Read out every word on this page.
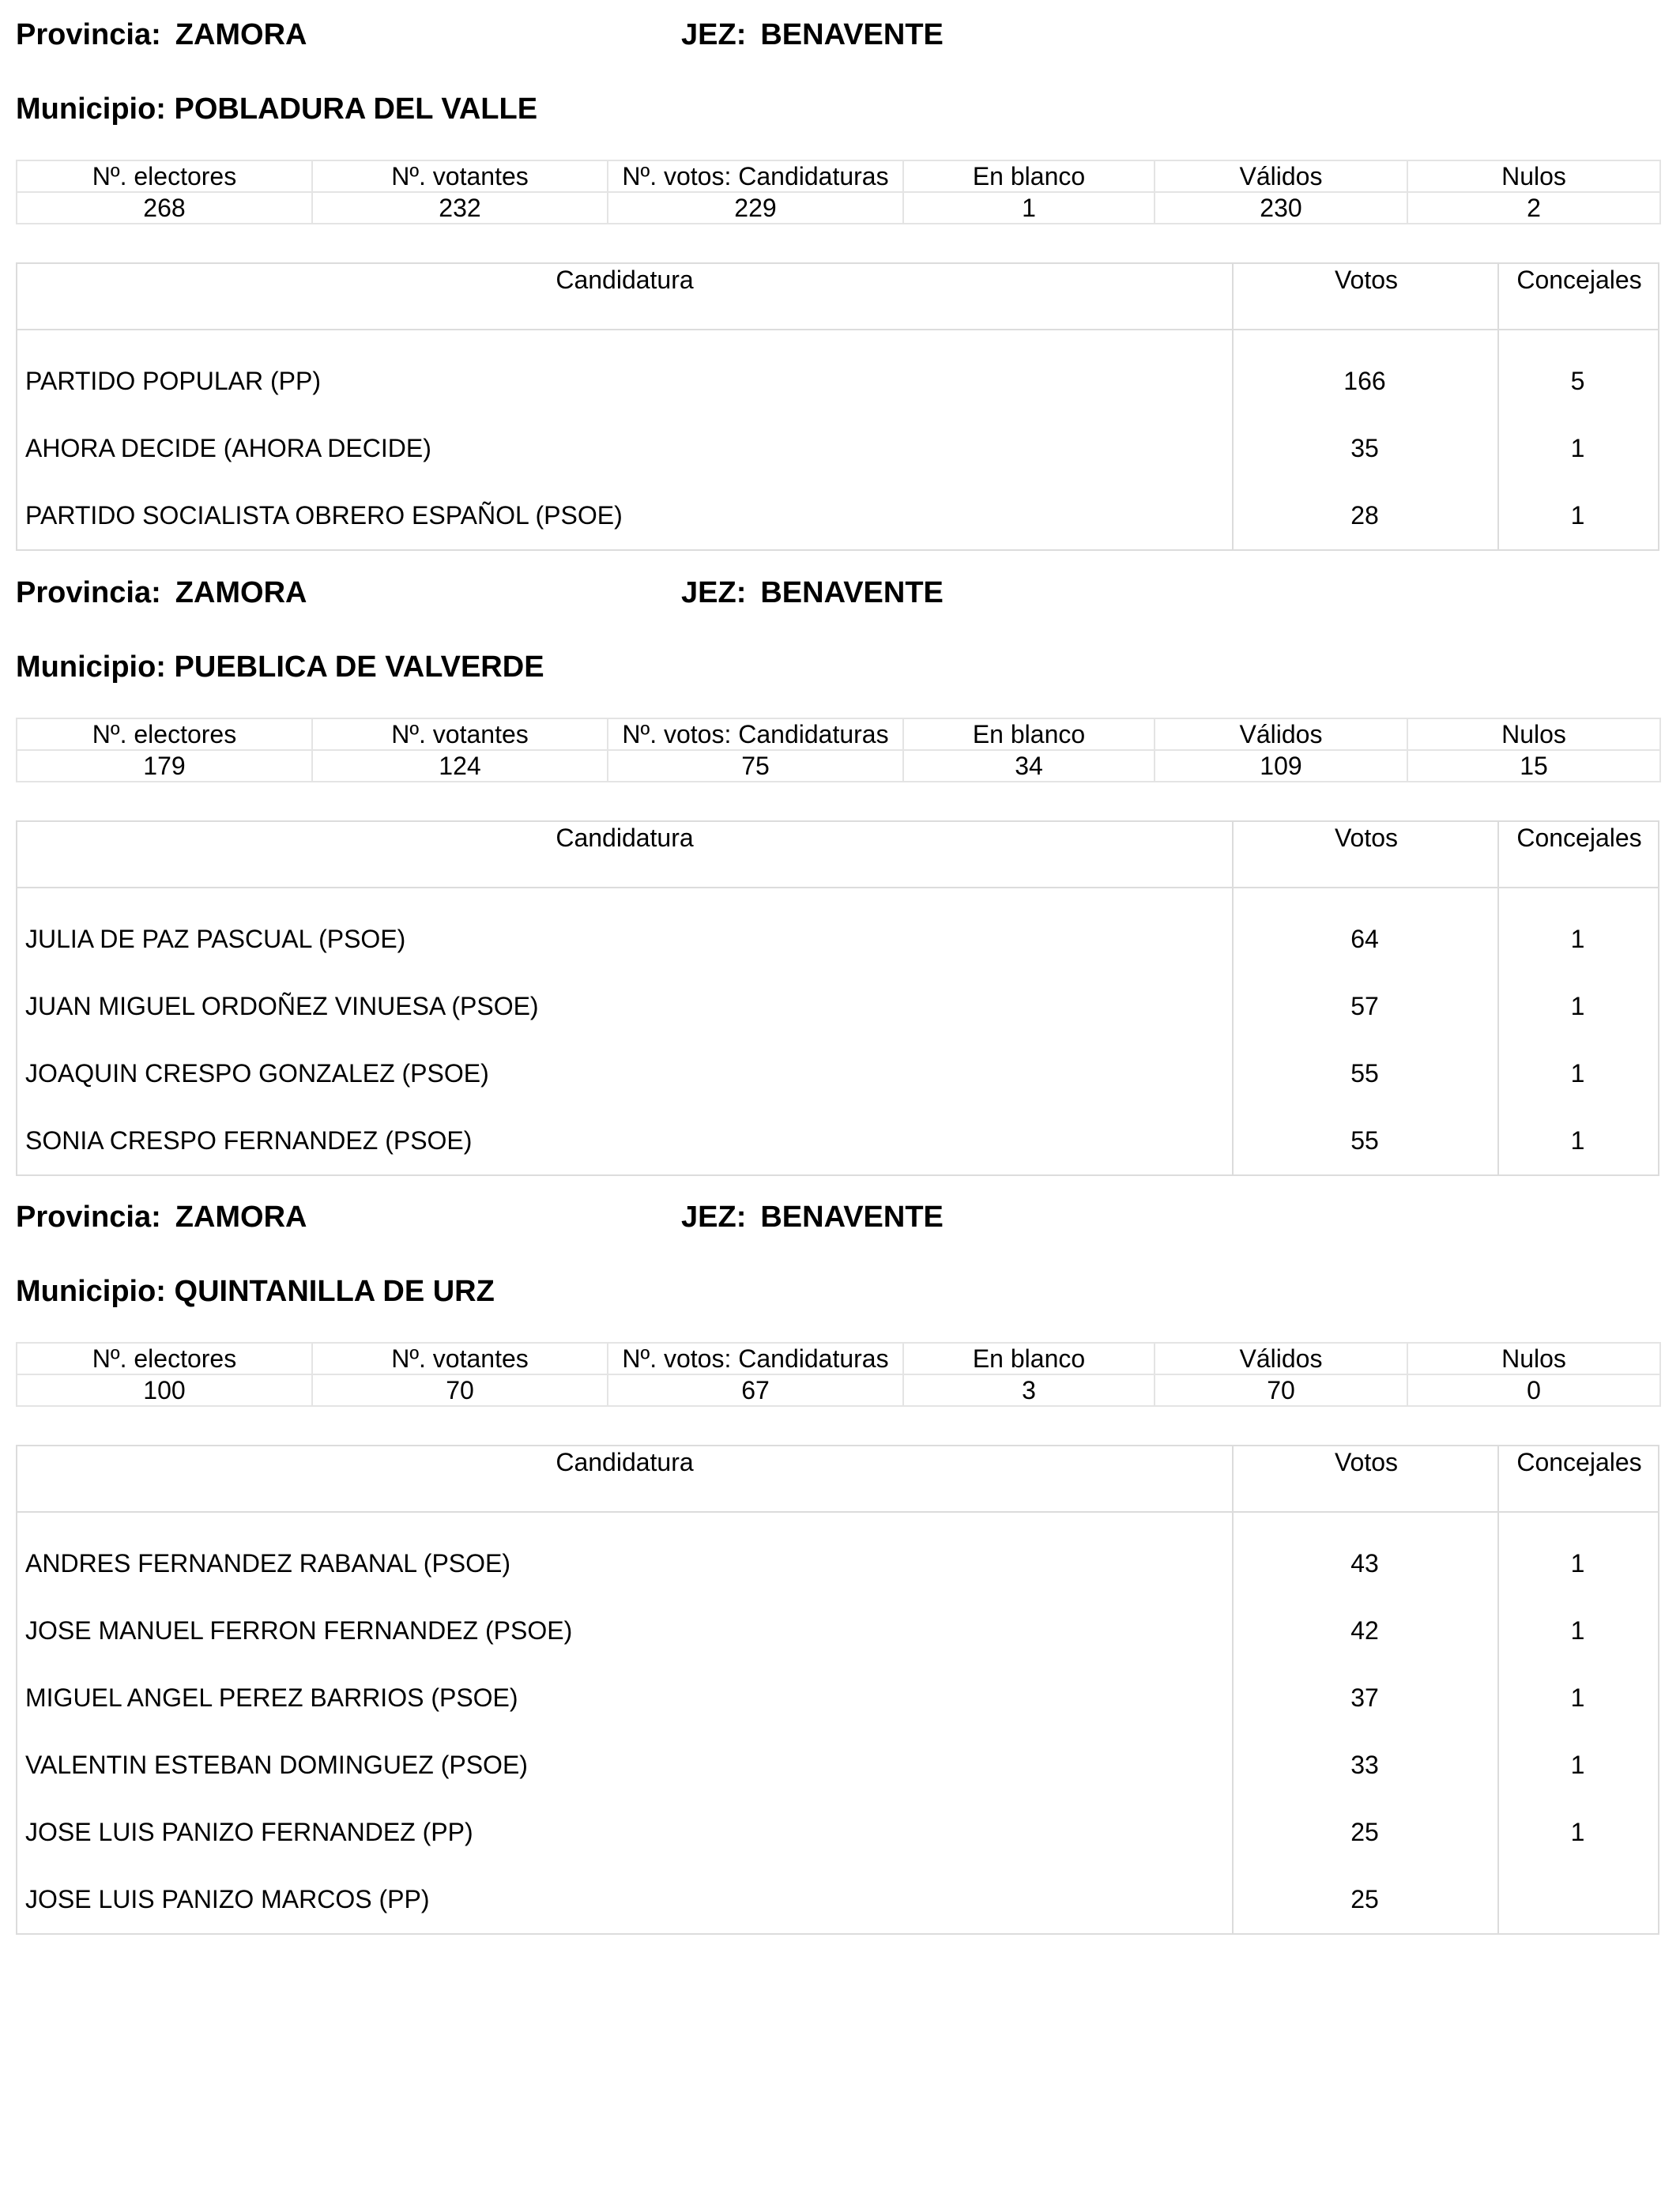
Provincia: ZAMORA	JEZ: BENAVENTE
Municipio: POBLADURA DEL VALLE
Nº. electores	Nº. votantes	Nº. votos: Candidaturas	En blanco	Válidos	Nulos
268	232	229	1	230	2
Candidatura	Votos	Concejales
PARTIDO POPULAR (PP)	166	5
AHORA DECIDE (AHORA DECIDE)	35	1
PARTIDO SOCIALISTA OBRERO ESPAÑOL (PSOE)	28	1
Provincia: ZAMORA	JEZ: BENAVENTE
Municipio: PUEBLICA DE VALVERDE
Nº. electores	Nº. votantes	Nº. votos: Candidaturas	En blanco	Válidos	Nulos
179	124	75	34	109	15
Candidatura	Votos	Concejales
JULIA DE PAZ PASCUAL (PSOE)	64	1
JUAN MIGUEL ORDOÑEZ VINUESA (PSOE)	57	1
JOAQUIN CRESPO GONZALEZ (PSOE)	55	1
SONIA CRESPO FERNANDEZ (PSOE)	55	1
Provincia: ZAMORA	JEZ: BENAVENTE
Municipio: QUINTANILLA DE URZ
Nº. electores	Nº. votantes	Nº. votos: Candidaturas	En blanco	Válidos	Nulos
100	70	67	3	70	0
Candidatura	Votos	Concejales
ANDRES FERNANDEZ RABANAL (PSOE)	43	1
JOSE MANUEL FERRON FERNANDEZ (PSOE)	42	1
MIGUEL ANGEL PEREZ BARRIOS (PSOE)	37	1
VALENTIN ESTEBAN DOMINGUEZ (PSOE)	33	1
JOSE LUIS PANIZO FERNANDEZ (PP)	25	1
JOSE LUIS PANIZO MARCOS (PP)	25
